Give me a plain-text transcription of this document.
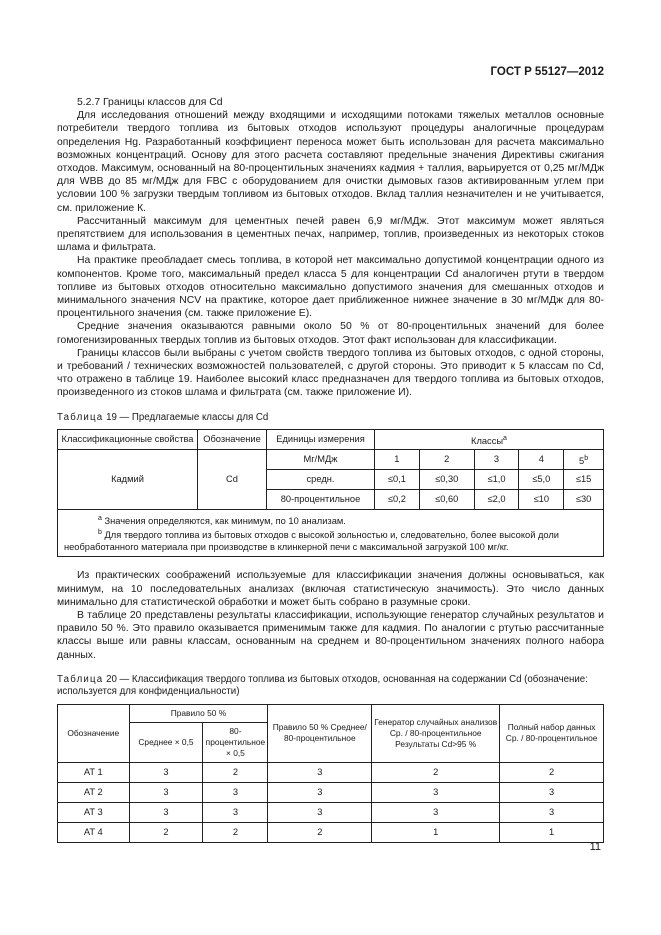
ГОСТ Р 55127—2012

5.2.7 Границы классов для Cd

Для исследования отношений между входящими и исходящими потоками тяжелых металлов основные потребители твердого топлива из бытовых отходов используют процедуры аналогичные процедурам определения Hg. Разработанный коэффициент переноса может быть использован для расчета максимально возможных концентраций. Основу для этого расчета составляют предельные значения Директивы сжигания отходов. Максимум, основанный на 80-процентильных значениях кадмия + таллия, варьируется от 0,25 мг/МДж для WBB до 85 мг/МДж для FBC с оборудованием для очистки дымовых газов активированным углем при условии 100 % загрузки твердым топливом из бытовых отходов. Вклад таллия незначителен и не учитывается, см. приложение К.

Рассчитанный максимум для цементных печей равен 6,9 мг/МДж. Этот максимум может являться препятствием для использования в цементных печах, например, топлив, произведенных из некоторых стоков шлама и фильтрата.

На практике преобладает смесь топлива, в которой нет максимально допустимой концентрации одного из компонентов. Кроме того, максимальный предел класса 5 для концентрации Cd аналогичен ртути в твердом топливе из бытовых отходов относительно максимально допустимого значения для смешанных отходов и минимального значения NCV на практике, которое дает приближенное нижнее значение в 30 мг/МДж для 80-процентильного значения (см. также приложение Е).

Средние значения оказываются равными около 50 % от 80-процентильных значений для более гомогенизированных твердых топлив из бытовых отходов. Этот факт использован для классификации.

Границы классов были выбраны с учетом свойств твердого топлива из бытовых отходов, с одной стороны, и требований / технических возможностей пользователей, с другой стороны. Это приводит к 5 классам по Cd, что отражено в таблице 19. Наиболее высокий класс предназначен для твердого топлива из бытовых отходов, произведенного из стоков шлама и фильтрата (см. также приложение И).

Таблица 19 — Предлагаемые классы для Cd
Классификационные свойства	Обозначение	Единицы измерения	Классы$^a$
Кадмий	Cd	Мг/МДж	1	2	3	4	5$^b$
		средн.	≤0,1	≤0,30	≤1,0	≤5,0	≤15
		80-процентильное	≤0,2	≤0,60	≤2,0	≤10	≤30

$^a$ Значения определяются, как минимум, по 10 анализам.
$^b$ Для твердого топлива из бытовых отходов с высокой зольностью и, следовательно, более высокой доли необработанного материала при производстве в клинкерной печи с максимальной загрузкой 100 мг/кг.							

Из практических соображений используемые для классификации значения должны основываться, как минимум, на 10 последовательных анализах (включая статистическую значимость). Это число данных минимально для статистической обработки и может быть собрано в разумные сроки.

В таблице 20 представлены результаты классификации, использующие генератор случайных результатов и правило 50 %. Это правило оказывается применимым также для кадмия. По аналогии с ртутью рассчитанные классы выше или равны классам, основанным на среднем и 80-процентильном значениях полного набора данных.

Таблица 20 — Классификация твердого топлива из бытовых отходов, основанная на содержании Cd (обозначение: используется для конфиденциальности)
Обозначение	Правило 50 %		Правило 50 % Среднее/ 80-процентильное	Генератор случайных анализов Ср. / 80-процентильное Результаты Cd>95 %	Полный набор данных Ср. / 80-процентильное
	Среднее × 0,5	80-процентильное × 0,5			
AT 1	3	2	3	2	2
AT 2	3	3	3	3	3
AT 3	3	3	3	3	3
AT 4	2	2	2	1	1
11
